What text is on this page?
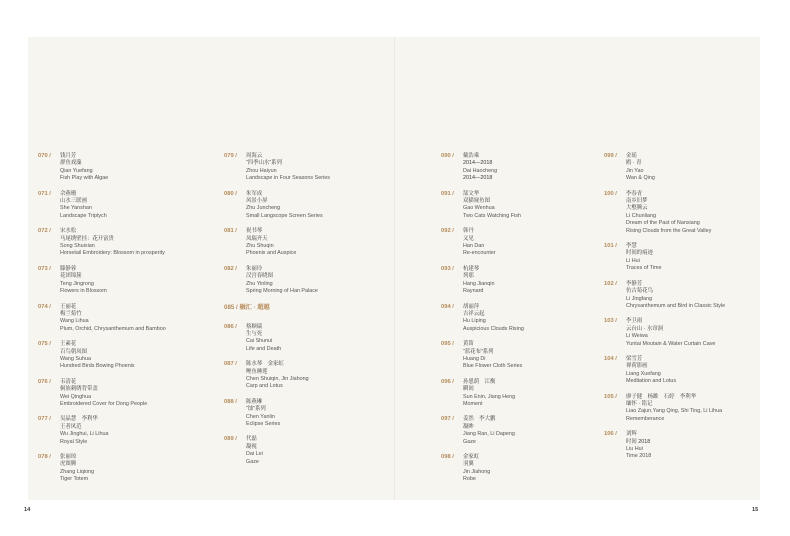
070 /	钱月芳
群鱼戏藻
Qian Yuefang
Fish Play with Algae
071 /	佘燕珊
山水三联画
She Yanshan
Landscape Triptych
072 /	宋水松
马尾绣壁挂：花开富贵
Song Shuixian
Horsetail Embroidery: Blossom in prosperity
073 /	滕静蓉
花团锦簇
Teng Jingrong
Flowers in Blossom
074 /	王丽花
梅兰菊竹
Wang Lihua
Plum, Orchid, Chrysanthemum and Bamboo
075 /	王素花
百鸟朝凤图
Wang Suhua
Hundred Birds Bowing Phoenix
076 /	韦清花
侗族刺绣背带盖
Wei Qinghua
Embroidered Cover for Dong People
077 /	吴晶慧　李利华
王者风范
Wu Jinghui, Li Lihua
Royal Style
078 /	张丽琼
虎图腾
Zhang Liqiong
Tiger Totem
079 /	周海云
“四季山水”系列
Zhou Haiyun
Landscape in Four Seasons Series
080 /	朱军成
风景小屏
Zhu Juncheng
Small Langscope Screen Series
081 /	祝书琴
凤瑞齐天
Zhu Shuqin
Phoenix and Auspice
082 /	朱丽玲
汉宫春晓图
Zhu Yinling
Spring Morning of Han Palace
085 / 融汇 · 超越
086 /	蔡顺瑞
生与死
Cai Shunui
Life and Death
087 /	陈水琴　金家虹
鲤鱼睡莲
Chen Shuiqin, Jin Jiahong
Carp and Lotus
088 /	陈燕琳
“蚀”系列
Chen Yanlin
Eclipse Series
089 /	代磊
凝视
Dai Lei
Gaze
090 /	戴浩乘
2014—2018
Dai Haocheng
2014—2018
091 /	郜文华
双猫窥鱼图
Gao Wenhua
Two Cats Watching Fish
092 /	韩丹
又见
Han Dan
Re-encounter
093 /	杭建琴
列那
Hang Jianqin
Raynard
094 /	胡丽萍
吉祥云起
Hu Liping
Auspicious Clouds Rising
095 /	黄笛
“蓝花布”系列
Huang Di
Blue Flower Cloth Series
096 /	孙恩荫　江衡
瞬间
Sun Enin, Jiang Heng
Moment
097 /	姜然　李大鹏
凝眸
Jiang Ran, Li Dapeng
Gaze
098 /	金家虹
羽翼
Jin Jiahong
Robe
099 /	金瑶
鸥 · 青
Jin Yao
Wan & Qing
100 /	李春青
南乡旧梦
大壑腾云
Li Chunliang
Dream of the Past of Nanxiang
Rising Clouds from the Great Valley
101 /	李慧
时间的痕迹
Li Hui
Traces of Time
102 /	李静芳
仿古菊花鸟
Li Jingfang
Chrysanthemum and Bird in Classic Style
103 /	李卫雨
云台山 · 水帘洞
Li Weiwa
Yuntai Moutain & Water Curtain Cave
104 /	梁雪芳
禅荷影画
Liang Xuefang
Meditation and Lotus
105 /	廖子健　杨雎　石婷　李利华
缅怀 · 铭记
Liao Zajun,Yang Qing, Shi Ting, Li Lihua
Rememberance
106 /	刘辉
时间 2018
Liu Hui
Time 2018
14	15
